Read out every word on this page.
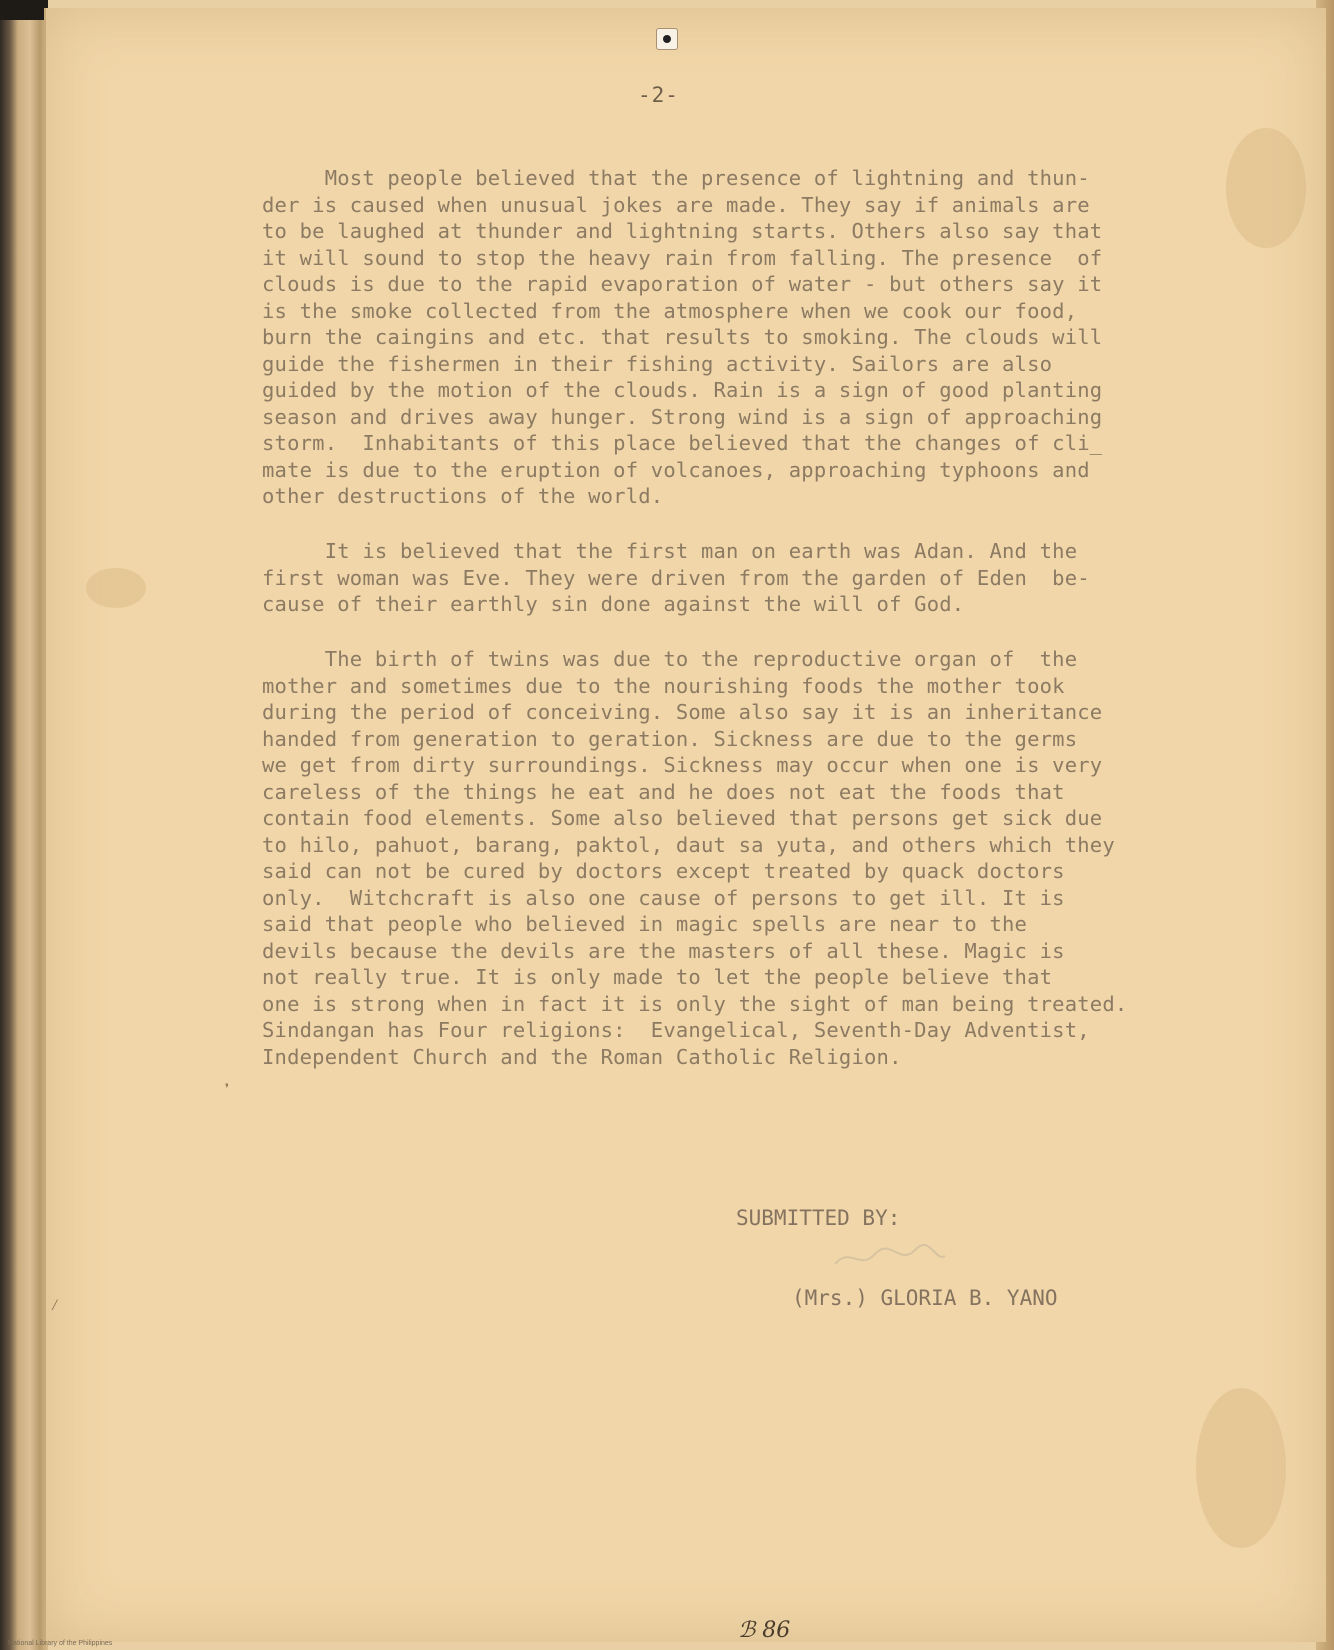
-2-
Most people believed that the presence of lightning and thun-
der is caused when unusual jokes are made. They say if animals are
to be laughed at thunder and lightning starts. Others also say that
it will sound to stop the heavy rain from falling. The presence  of
clouds is due to the rapid evaporation of water - but others say it
is the smoke collected from the atmosphere when we cook our food,
burn the caingins and etc. that results to smoking. The clouds will
guide the fishermen in their fishing activity. Sailors are also
guided by the motion of the clouds. Rain is a sign of good planting
season and drives away hunger. Strong wind is a sign of approaching
storm.  Inhabitants of this place believed that the changes of cli_
mate is due to the eruption of volcanoes, approaching typhoons and
other destructions of the world.
It is believed that the first man on earth was Adan. And the
first woman was Eve. They were driven from the garden of Eden  be-
cause of their earthly sin done against the will of God.
The birth of twins was due to the reproductive organ of  the
mother and sometimes due to the nourishing foods the mother took
during the period of conceiving. Some also say it is an inheritance
handed from generation to geration. Sickness are due to the germs
we get from dirty surroundings. Sickness may occur when one is very
careless of the things he eat and he does not eat the foods that
contain food elements. Some also believed that persons get sick due
to hilo, pahuot, barang, paktol, daut sa yuta, and others which they
said can not be cured by doctors except treated by quack doctors
only.  Witchcraft is also one cause of persons to get ill. It is
said that people who believed in magic spells are near to the
devils because the devils are the masters of all these. Magic is
not really true. It is only made to let the people believe that
one is strong when in fact it is only the sight of man being treated.
Sindangan has Four religions:  Evangelical, Seventh-Day Adventist,
Independent Church and the Roman Catholic Religion.
SUBMITTED BY:
(Mrs.) GLORIA B. YANO
ℬ 86
National Library of the Philippines
❜
⁄
